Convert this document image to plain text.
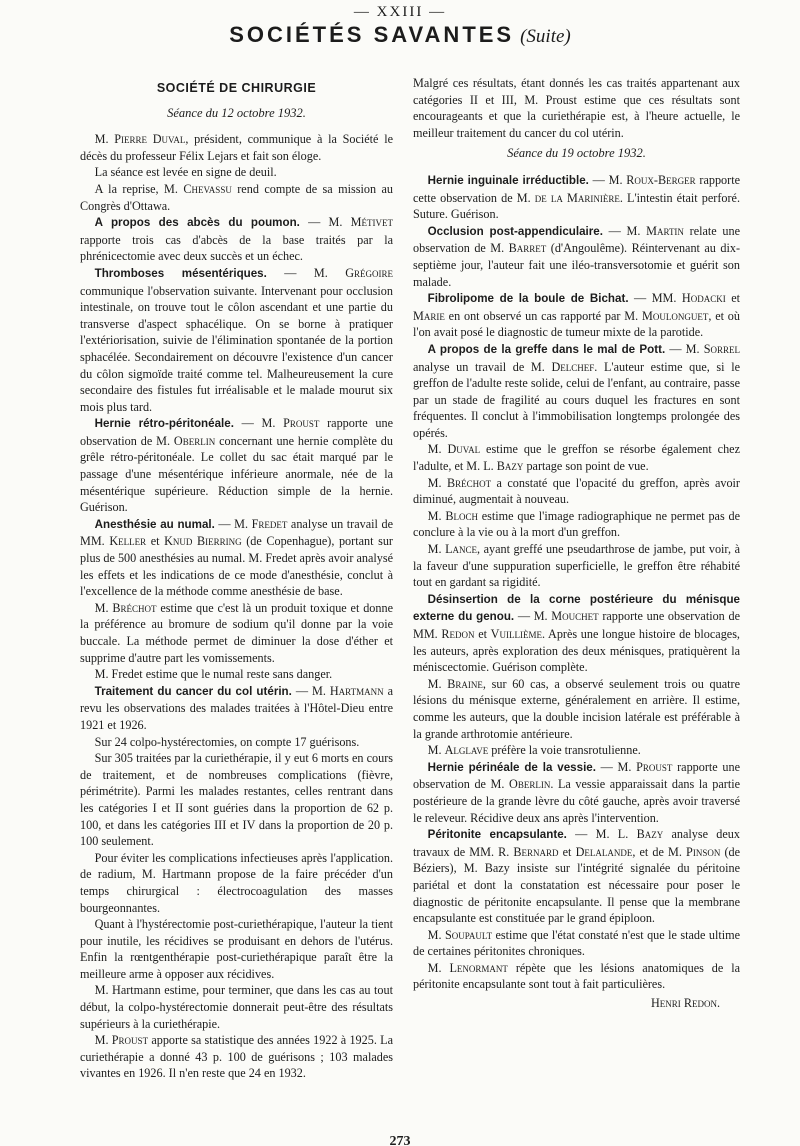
— XXIII —
SOCIÉTÉS SAVANTES (Suite)
SOCIÉTÉ DE CHIRURGIE
Séance du 12 octobre 1932.

M. Pierre Duval, président, communique à la Société le décès du professeur Félix Lejars et fait son éloge.

La séance est levée en signe de deuil.

A la reprise, M. Chevassu rend compte de sa mission au Congrès d'Ottawa.

A propos des abcès du poumon. — M. Métivet rapporte trois cas d'abcès de la base traités par la phrénicectomie avec deux succès et un échec.

Thromboses mésentériques. — M. Grégoire communique l'observation suivante. Intervenant pour occlusion intestinale, on trouve tout le côlon ascendant et une partie du transverse d'aspect sphacélique. On se borne à pratiquer l'extériorisation, suivie de l'élimination spontanée de la portion sphacélée. Secondairement on découvre l'existence d'un cancer du côlon sigmoïde traité comme tel. Malheureusement la cure secondaire des fistules fut irréalisable et le malade mourut six mois plus tard.

Hernie rétro-péritonéale. — M. Proust rapporte une observation de M. Oberlin concernant une hernie complète du grêle rétro-péritonéale. Le collet du sac était marqué par le passage d'une mésentérique inférieure anormale, née de la mésentérique supérieure. Réduction simple de la hernie. Guérison.

Anesthésie au numal. — M. Fredet analyse un travail de MM. Keller et Knud Bierring (de Copenhague), portant sur plus de 500 anesthésies au numal. M. Fredet après avoir analysé les effets et les indications de ce mode d'anesthésie, conclut à l'excellence de la méthode comme anesthésie de base.

M. Bréchot estime que c'est là un produit toxique et donne la préférence au bromure de sodium qu'il donne par la voie buccale. La méthode permet de diminuer la dose d'éther et supprime d'autre part les vomissements.

M. Fredet estime que le numal reste sans danger.

Traitement du cancer du col utérin. — M. Hartmann a revu les observations des malades traitées à l'Hôtel-Dieu entre 1921 et 1926.

Sur 24 colpo-hystérectomies, on compte 17 guérisons.

Sur 305 traitées par la curiethérapie, il y eut 6 morts en cours de traitement, et de nombreuses complications (fièvre, périmétrite). Parmi les malades restantes, celles rentrant dans les catégories I et II sont guéries dans la proportion de 62 p. 100, et dans les catégories III et IV dans la proportion de 20 p. 100 seulement.

Pour éviter les complications infectieuses après l'application. de radium, M. Hartmann propose de la faire précéder d'un temps chirurgical : électrocoagulation des masses bourgeonnantes.

Quant à l'hystérectomie post-curiethérapique, l'auteur la tient pour inutile, les récidives se produisant en dehors de l'utérus. Enfin la rœntgenthérapie post-curiethérapique paraît être la meilleure arme à opposer aux récidives.

M. Hartmann estime, pour terminer, que dans les cas au tout début, la colpo-hystérectomie donnerait peut-être des résultats supérieurs à la curiethérapie.

M. Proust apporte sa statistique des années 1922 à 1925. La curiethérapie a donné 43 p. 100 de guérisons ; 103 malades vivantes en 1926. Il n'en reste que 24 en 1932.

Malgré ces résultats, étant donnés les cas traités appartenant aux catégories II et III, M. Proust estime que ces résultats sont encourageants et que la curiethérapie est, à l'heure actuelle, le meilleur traitement du cancer du col utérin.

Séance du 19 octobre 1932.

Hernie inguinale irréductible. — M. Roux-Berger rapporte cette observation de M. de la Marinière. L'intestin était perforé. Suture. Guérison.

Occlusion post-appendiculaire. — M. Martin relate une observation de M. Barret (d'Angoulême). Réintervenant au dix-septième jour, l'auteur fait une iléo-transversotomie et guérit son malade.

Fibrolipome de la boule de Bichat. — MM. Hodacki et Marie en ont observé un cas rapporté par M. Moulonguet, et où l'on avait posé le diagnostic de tumeur mixte de la parotide.

A propos de la greffe dans le mal de Pott. — M. Sorrel analyse un travail de M. Delchef. L'auteur estime que, si le greffon de l'adulte reste solide, celui de l'enfant, au contraire, passe par un stade de fragilité au cours duquel les fractures en sont fréquentes. Il conclut à l'immobilisation longtemps prolongée des opérés.

M. Duval estime que le greffon se résorbe également chez l'adulte, et M. L. Bazy partage son point de vue.

M. Bréchot a constaté que l'opacité du greffon, après avoir diminué, augmentait à nouveau.

M. Bloch estime que l'image radiographique ne permet pas de conclure à la vie ou à la mort d'un greffon.

M. Lance, ayant greffé une pseudarthrose de jambe, put voir, à la faveur d'une suppuration superficielle, le greffon être réhabité tout en gardant sa rigidité.

Désinsertion de la corne postérieure du ménisque externe du genou. — M. Mouchet rapporte une observation de MM. Redon et Vuillième. Après une longue histoire de blocages, les auteurs, après exploration des deux ménisques, pratiquèrent la méniscectomie. Guérison complète.

M. Braine, sur 60 cas, a observé seulement trois ou quatre lésions du ménisque externe, généralement en arrière. Il estime, comme les auteurs, que la double incision latérale est préférable à la grande arthrotomie antérieure.

M. Alglave préfère la voie transrotulienne.

Hernie périnéale de la vessie. — M. Proust rapporte une observation de M. Oberlin. La vessie apparaissait dans la partie postérieure de la grande lèvre du côté gauche, après avoir traversé le releveur. Récidive deux ans après l'intervention.

Péritonite encapsulante. — M. L. Bazy analyse deux travaux de MM. R. Bernard et Delalande, et de M. Pinson (de Béziers), M. Bazy insiste sur l'intégrité signalée du péritoine pariétal et dont la constatation est nécessaire pour poser le diagnostic de péritonite encapsulante. Il pense que la membrane encapsulante est constituée par le grand épiploon.

M. Soupault estime que l'état constaté n'est que le stade ultime de certaines péritonites chroniques.

M. Lenormant répète que les lésions anatomiques de la péritonite encapsulante sont tout à fait particulières.

Henri Redon.
273
